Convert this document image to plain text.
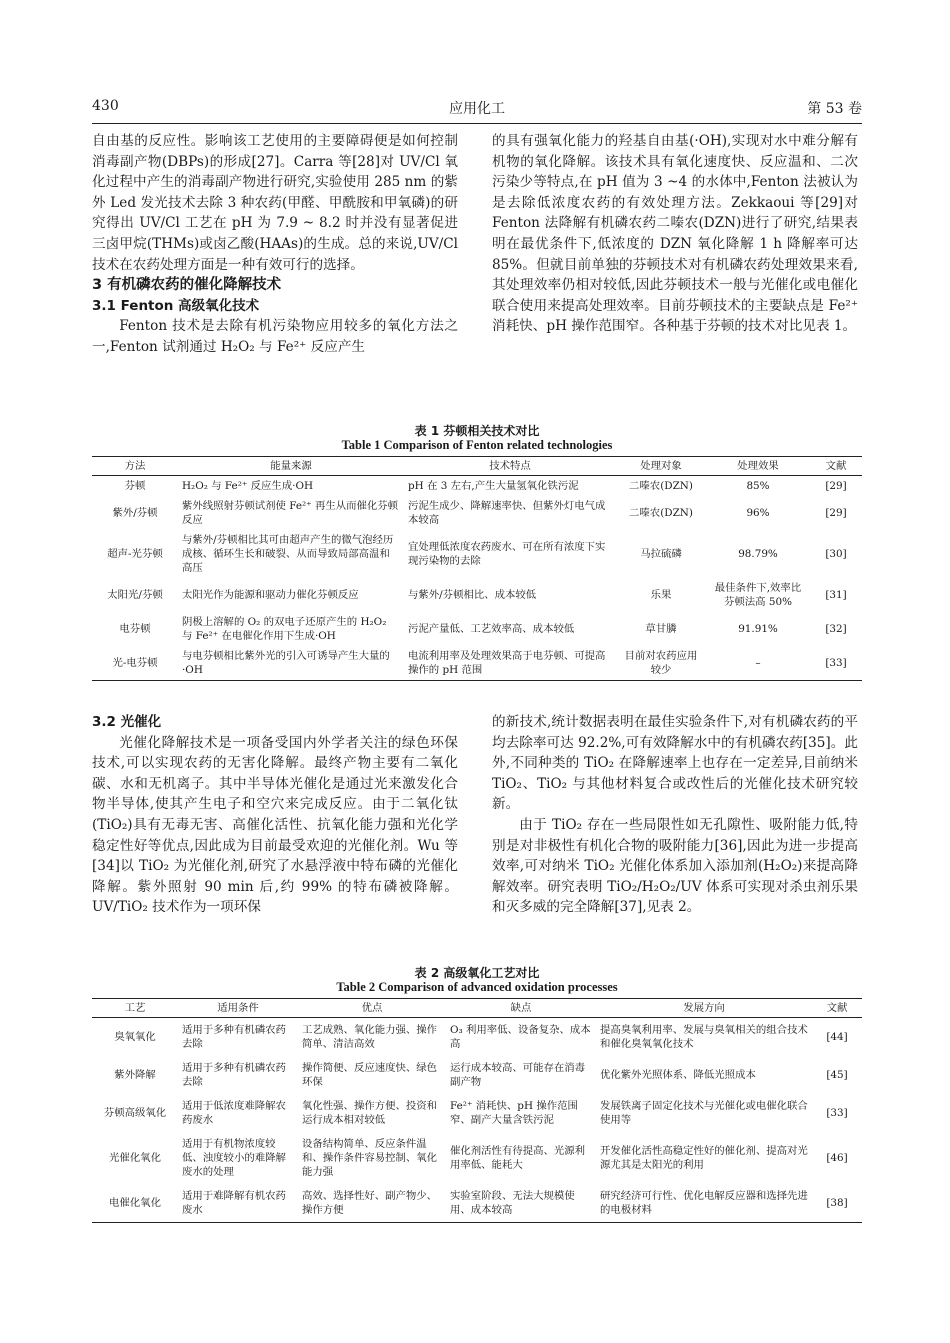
430	应用化工	第 53 卷

自由基的反应性。影响该工艺使用的主要障碍便是如何控制消毒副产物(DBPs)的形成[27]。Carra 等[28]对 UV/Cl 氧化过程中产生的消毒副产物进行研究,实验使用 285 nm 的紫外 Led 发光技术去除 3 种农药(甲醛、甲酰胺和甲氧磷)的研究得出 UV/Cl 工艺在 pH 为 7.9 ~ 8.2 时并没有显著促进三卤甲烷(THMs)或卤乙酸(HAAs)的生成。总的来说,UV/Cl 技术在农药处理方面是一种有效可行的选择。

3 有机磷农药的催化降解技术

3.1 Fenton 高级氧化技术

Fenton 技术是去除有机污染物应用较多的氧化方法之一,Fenton 试剂通过 H₂O₂ 与 Fe²⁺ 反应产生

的具有强氧化能力的羟基自由基(·OH),实现对水中难分解有机物的氧化降解。该技术具有氧化速度快、反应温和、二次污染少等特点,在 pH 值为 3 ~4 的水体中,Fenton 法被认为是去除低浓度农药的有效处理方法。Zekkaoui 等[29]对 Fenton 法降解有机磷农药二嗪农(DZN)进行了研究,结果表明在最优条件下,低浓度的 DZN 氧化降解 1 h 降解率可达 85%。但就目前单独的芬顿技术对有机磷农药处理效果来看,其处理效率仍相对较低,因此芬顿技术一般与光催化或电催化联合使用来提高处理效率。目前芬顿技术的主要缺点是 Fe²⁺ 消耗快、pH 操作范围窄。各种基于芬顿的技术对比见表 1。

表 1 芬顿相关技术对比
Table 1 Comparison of Fenton related technologies
方法	能量来源	技术特点	处理对象	处理效果	文献
芬顿	H₂O₂ 与 Fe²⁺ 反应生成·OH	pH 在 3 左右,产生大量氢氧化铁污泥	二嗪农(DZN)	85%	[29]
紫外/芬顿	紫外线照射芬顿试剂使 Fe²⁺ 再生从而催化芬顿反应	污泥生成少、降解速率快、但紫外灯电气成本较高	二嗪农(DZN)	96%	[29]
超声-光芬顿	与紫外/芬顿相比其可由超声产生的微气泡经历成核、循环生长和破裂、从而导致局部高温和高压	宜处理低浓度农药废水、可在所有浓度下实现污染物的去除	马拉硫磷	98.79%	[30]
太阳光/芬顿	太阳光作为能源和驱动力催化芬顿反应	与紫外/芬顿相比、成本较低	乐果	最佳条件下,效率比芬顿法高 50%	[31]
电芬顿	阴极上溶解的 O₂ 的双电子还原产生的 H₂O₂ 与 Fe²⁺ 在电催化作用下生成·OH	污泥产量低、工艺效率高、成本较低	草甘膦	91.91%	[32]
光-电芬顿	与电芬顿相比紫外光的引入可诱导产生大量的·OH	电流利用率及处理效果高于电芬顿、可提高操作的 pH 范围	目前对农药应用较少	–	[33]

3.2 光催化

光催化降解技术是一项备受国内外学者关注的绿色环保技术,可以实现农药的无害化降解。最终产物主要有二氧化碳、水和无机离子。其中半导体光催化是通过光来激发化合物半导体,使其产生电子和空穴来完成反应。由于二氧化钛(TiO₂)具有无毒无害、高催化活性、抗氧化能力强和光化学稳定性好等优点,因此成为目前最受欢迎的光催化剂。Wu 等[34]以 TiO₂ 为光催化剂,研究了水悬浮液中特布磷的光催化降解。紫外照射 90 min 后,约 99% 的特布磷被降解。UV/TiO₂ 技术作为一项环保

的新技术,统计数据表明在最佳实验条件下,对有机磷农药的平均去除率可达 92.2%,可有效降解水中的有机磷农药[35]。此外,不同种类的 TiO₂ 在降解速率上也存在一定差异,目前纳米 TiO₂、TiO₂ 与其他材料复合或改性后的光催化技术研究较新。

由于 TiO₂ 存在一些局限性如无孔隙性、吸附能力低,特别是对非极性有机化合物的吸附能力[36],因此为进一步提高效率,可对纳米 TiO₂ 光催化体系加入添加剂(H₂O₂)来提高降解效率。研究表明 TiO₂/H₂O₂/UV 体系可实现对杀虫剂乐果和灭多威的完全降解[37],见表 2。

表 2 高级氧化工艺对比
Table 2 Comparison of advanced oxidation processes
工艺	适用条件	优点	缺点	发展方向	文献
臭氧氧化	适用于多种有机磷农药去除	工艺成熟、氧化能力强、操作简单、清洁高效	O₃ 利用率低、设备复杂、成本高	提高臭氧利用率、发展与臭氧相关的组合技术和催化臭氧氧化技术	[44]
紫外降解	适用于多种有机磷农药去除	操作简便、反应速度快、绿色环保	运行成本较高、可能存在消毒副产物	优化紫外光照体系、降低光照成本	[45]
芬顿高级氧化	适用于低浓度难降解农药废水	氧化性强、操作方便、投资和运行成本相对较低	Fe²⁺ 消耗快、pH 操作范围窄、副产大量含铁污泥	发展铁离子固定化技术与光催化或电催化联合使用等	[33]
光催化氧化	适用于有机物浓度较低、浊度较小的难降解废水的处理	设备结构简单、反应条件温和、操作条件容易控制、氧化能力强	催化剂活性有待提高、光源利用率低、能耗大	开发催化活性高稳定性好的催化剂、提高对光源尤其是太阳光的利用	[46]
电催化氧化	适用于难降解有机农药废水	高效、选择性好、副产物少、操作方便	实验室阶段、无法大规模使用、成本较高	研究经济可行性、优化电解反应器和选择先进的电极材料	[38]
